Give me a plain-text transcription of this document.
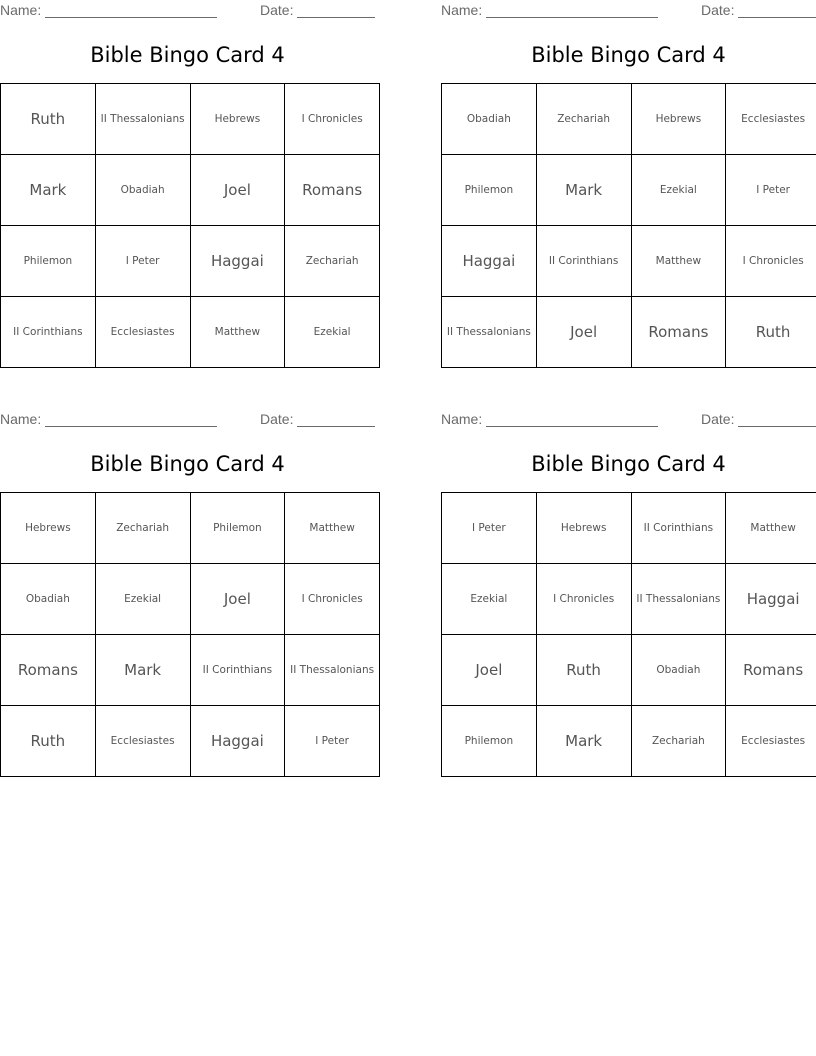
Name:	Date:
Bible Bingo Card 4
Ruth	II Thessalonians	Hebrews	I Chronicles
Mark	Obadiah	Joel	Romans
Philemon	I Peter	Haggai	Zechariah
II Corinthians	Ecclesiastes	Matthew	Ezekial
Name:	Date:
Bible Bingo Card 4
Obadiah	Zechariah	Hebrews	Ecclesiastes
Philemon	Mark	Ezekial	I Peter
Haggai	II Corinthians	Matthew	I Chronicles
II Thessalonians	Joel	Romans	Ruth
Name:	Date:
Bible Bingo Card 4
Hebrews	Zechariah	Philemon	Matthew
Obadiah	Ezekial	Joel	I Chronicles
Romans	Mark	II Corinthians	II Thessalonians
Ruth	Ecclesiastes	Haggai	I Peter
Name:	Date:
Bible Bingo Card 4
I Peter	Hebrews	II Corinthians	Matthew
Ezekial	I Chronicles	II Thessalonians	Haggai
Joel	Ruth	Obadiah	Romans
Philemon	Mark	Zechariah	Ecclesiastes
